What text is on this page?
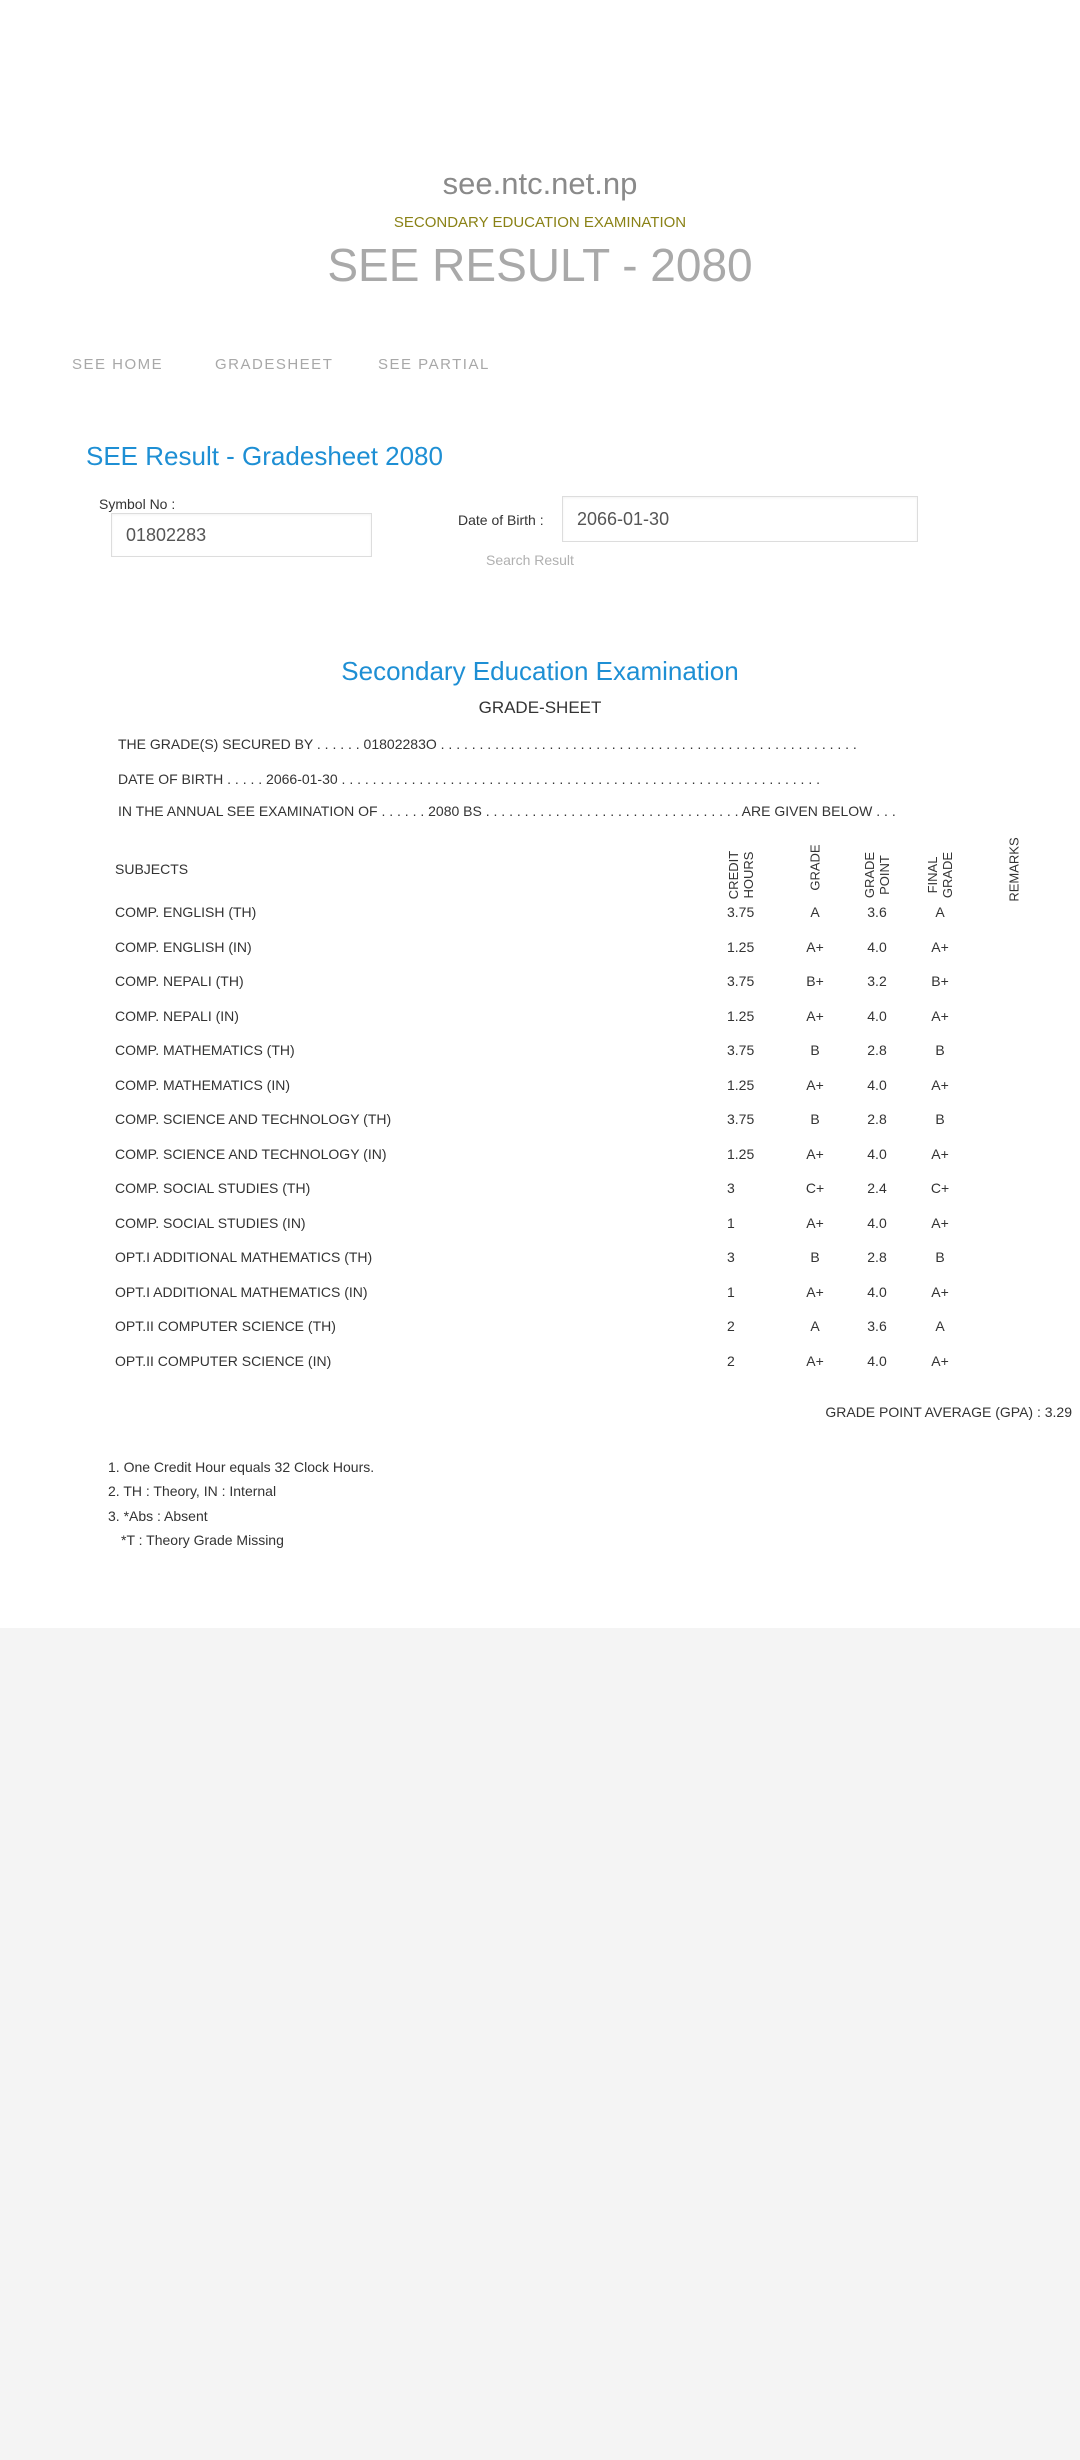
see.ntc.net.np
SECONDARY EDUCATION EXAMINATION
SEE RESULT - 2080
SEE HOME	GRADESHEET	SEE PARTIAL
SEE Result - Gradesheet 2080
Symbol No :
01802283
Date of Birth :
2066-01-30
Search Result
Secondary Education Examination
GRADE-SHEET
THE GRADE(S) SECURED BY . . . . . . 01802283O . . . . . . . . . . . . . . . . . . . . . . . . . . . . . . . . . . . . . . . . . . . . . . . . . . . . . .
DATE OF BIRTH . . . . . 2066-01-30 . . . . . . . . . . . . . . . . . . . . . . . . . . . . . . . . . . . . . . . . . . . . . . . . . . . . . . . . . . . . . .
IN THE ANNUAL SEE EXAMINATION OF . . . . . . 2080 BS . . . . . . . . . . . . . . . . . . . . . . . . . . . . . . . . . ARE GIVEN BELOW . . .
SUBJECTS	CREDIT HOURS	GRADE	GRADE POINT	FINAL GRADE	REMARKS
COMP. ENGLISH (TH)	3.75	A	3.6	A
COMP. ENGLISH (IN)	1.25	A+	4.0	A+
COMP. NEPALI (TH)	3.75	B+	3.2	B+
COMP. NEPALI (IN)	1.25	A+	4.0	A+
COMP. MATHEMATICS (TH)	3.75	B	2.8	B
COMP. MATHEMATICS (IN)	1.25	A+	4.0	A+
COMP. SCIENCE AND TECHNOLOGY (TH)	3.75	B	2.8	B
COMP. SCIENCE AND TECHNOLOGY (IN)	1.25	A+	4.0	A+
COMP. SOCIAL STUDIES (TH)	3	C+	2.4	C+
COMP. SOCIAL STUDIES (IN)	1	A+	4.0	A+
OPT.I ADDITIONAL MATHEMATICS (TH)	3	B	2.8	B
OPT.I ADDITIONAL MATHEMATICS (IN)	1	A+	4.0	A+
OPT.II COMPUTER SCIENCE (TH)	2	A	3.6	A
OPT.II COMPUTER SCIENCE (IN)	2	A+	4.0	A+
GRADE POINT AVERAGE (GPA) : 3.29
1. One Credit Hour equals 32 Clock Hours.
2. TH : Theory, IN : Internal
3. *Abs : Absent
*T : Theory Grade Missing
